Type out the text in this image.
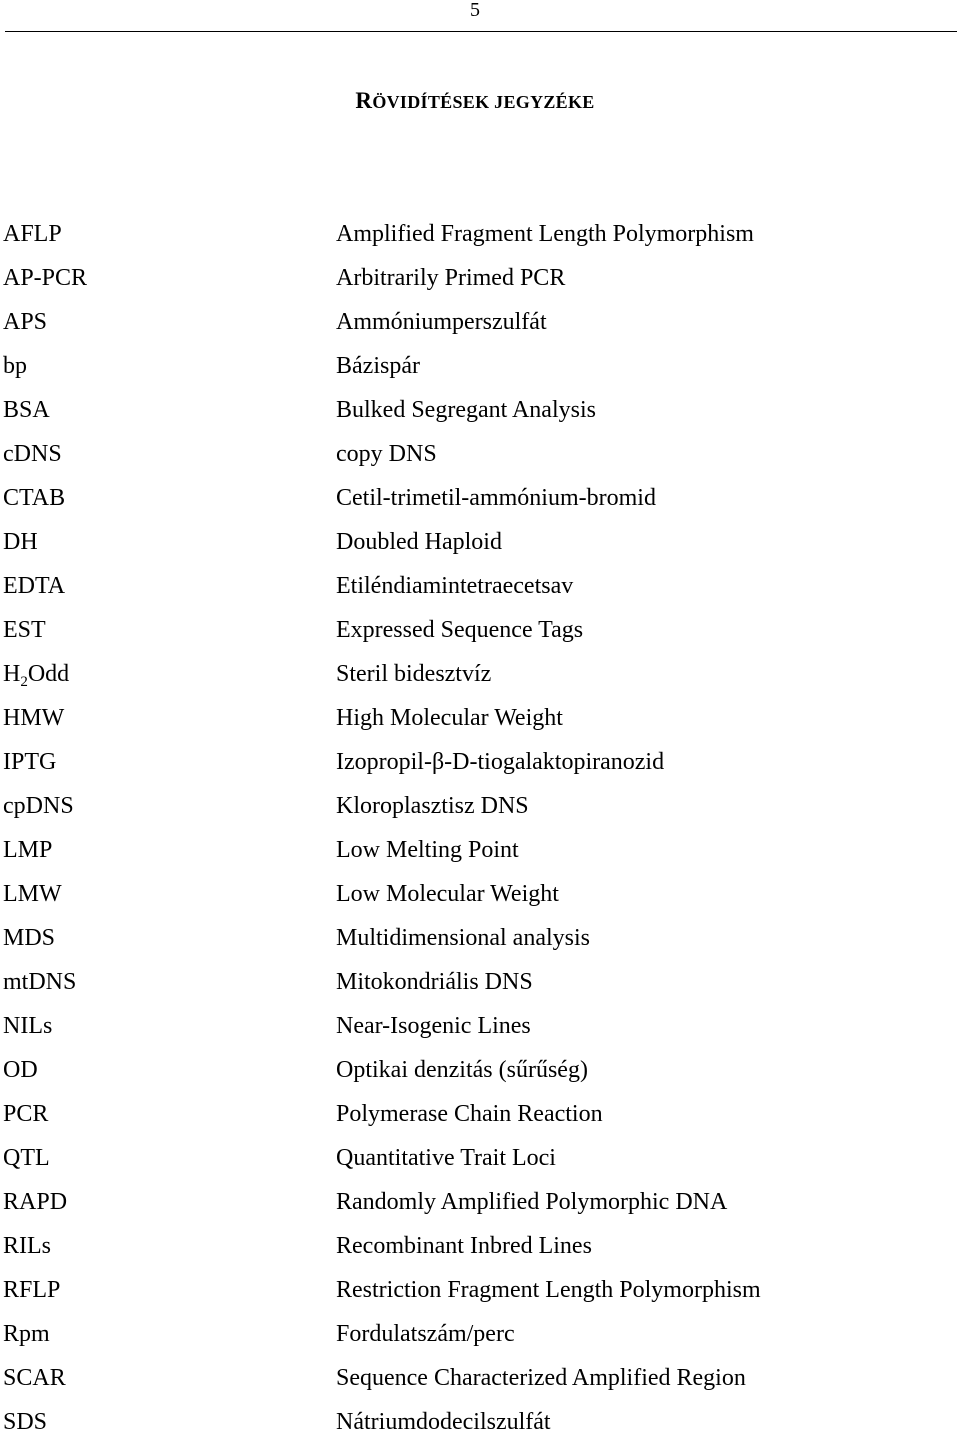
5
RÖVIDÍTÉSEK JEGYZÉKE
AFLP	Amplified Fragment Length Polymorphism
AP-PCR	Arbitrarily Primed PCR
APS	Ammóniumperszulfát
bp	Bázispár
BSA	Bulked Segregant Analysis
cDNS	copy DNS
CTAB	Cetil-trimetil-ammónium-bromid
DH	Doubled Haploid
EDTA	Etiléndiamintetraecetsav
EST	Expressed Sequence Tags
$H_2Odd$	Steril bidesztvíz
HMW	High Molecular Weight
IPTG	Izopropil-β-D-tiogalaktopiranozid
cpDNS	Kloroplasztisz DNS
LMP	Low Melting Point
LMW	Low Molecular Weight
MDS	Multidimensional analysis
mtDNS	Mitokondriális DNS
NILs	Near-Isogenic Lines
OD	Optikai denzitás (sűrűség)
PCR	Polymerase Chain Reaction
QTL	Quantitative Trait Loci
RAPD	Randomly Amplified Polymorphic DNA
RILs	Recombinant Inbred Lines
RFLP	Restriction Fragment Length Polymorphism
Rpm	Fordulatszám/perc
SCAR	Sequence Characterized Amplified Region
SDS	Nátriumdodecilszulfát
